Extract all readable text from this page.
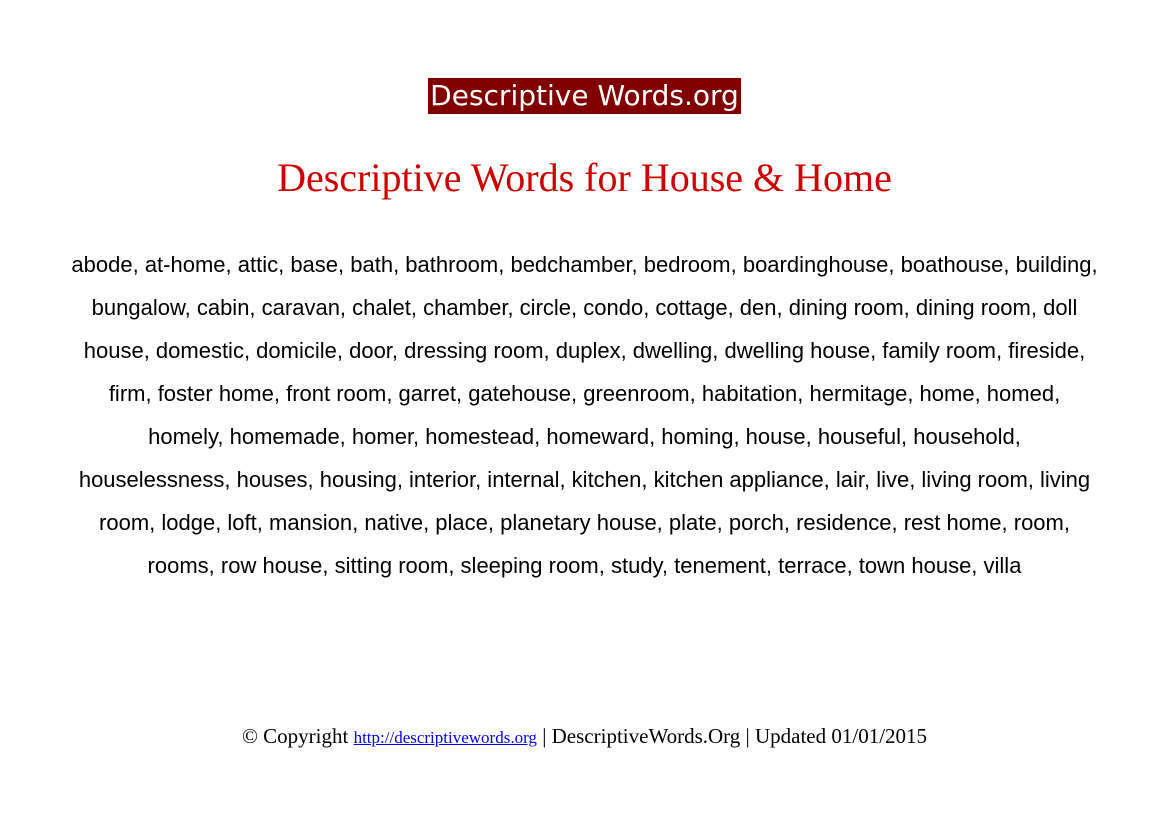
Descriptive Words.org
Descriptive Words for House & Home

abode, at-home, attic, base, bath, bathroom, bedchamber, bedroom, boardinghouse, boathouse, building, bungalow, cabin, caravan, chalet, chamber, circle, condo, cottage, den, dining room, dining room, doll house, domestic, domicile, door, dressing room, duplex, dwelling, dwelling house, family room, fireside, firm, foster home, front room, garret, gatehouse, greenroom, habitation, hermitage, home, homed, homely, homemade, homer, homestead, homeward, homing, house, houseful, household, houselessness, houses, housing, interior, internal, kitchen, kitchen appliance, lair, live, living room, living room, lodge, loft, mansion, native, place, planetary house, plate, porch, residence, rest home, room, rooms, row house, sitting room, sleeping room, study, tenement, terrace, town house, villa

© Copyright http://descriptivewords.org | DescriptiveWords.Org | Updated 01/01/2015
